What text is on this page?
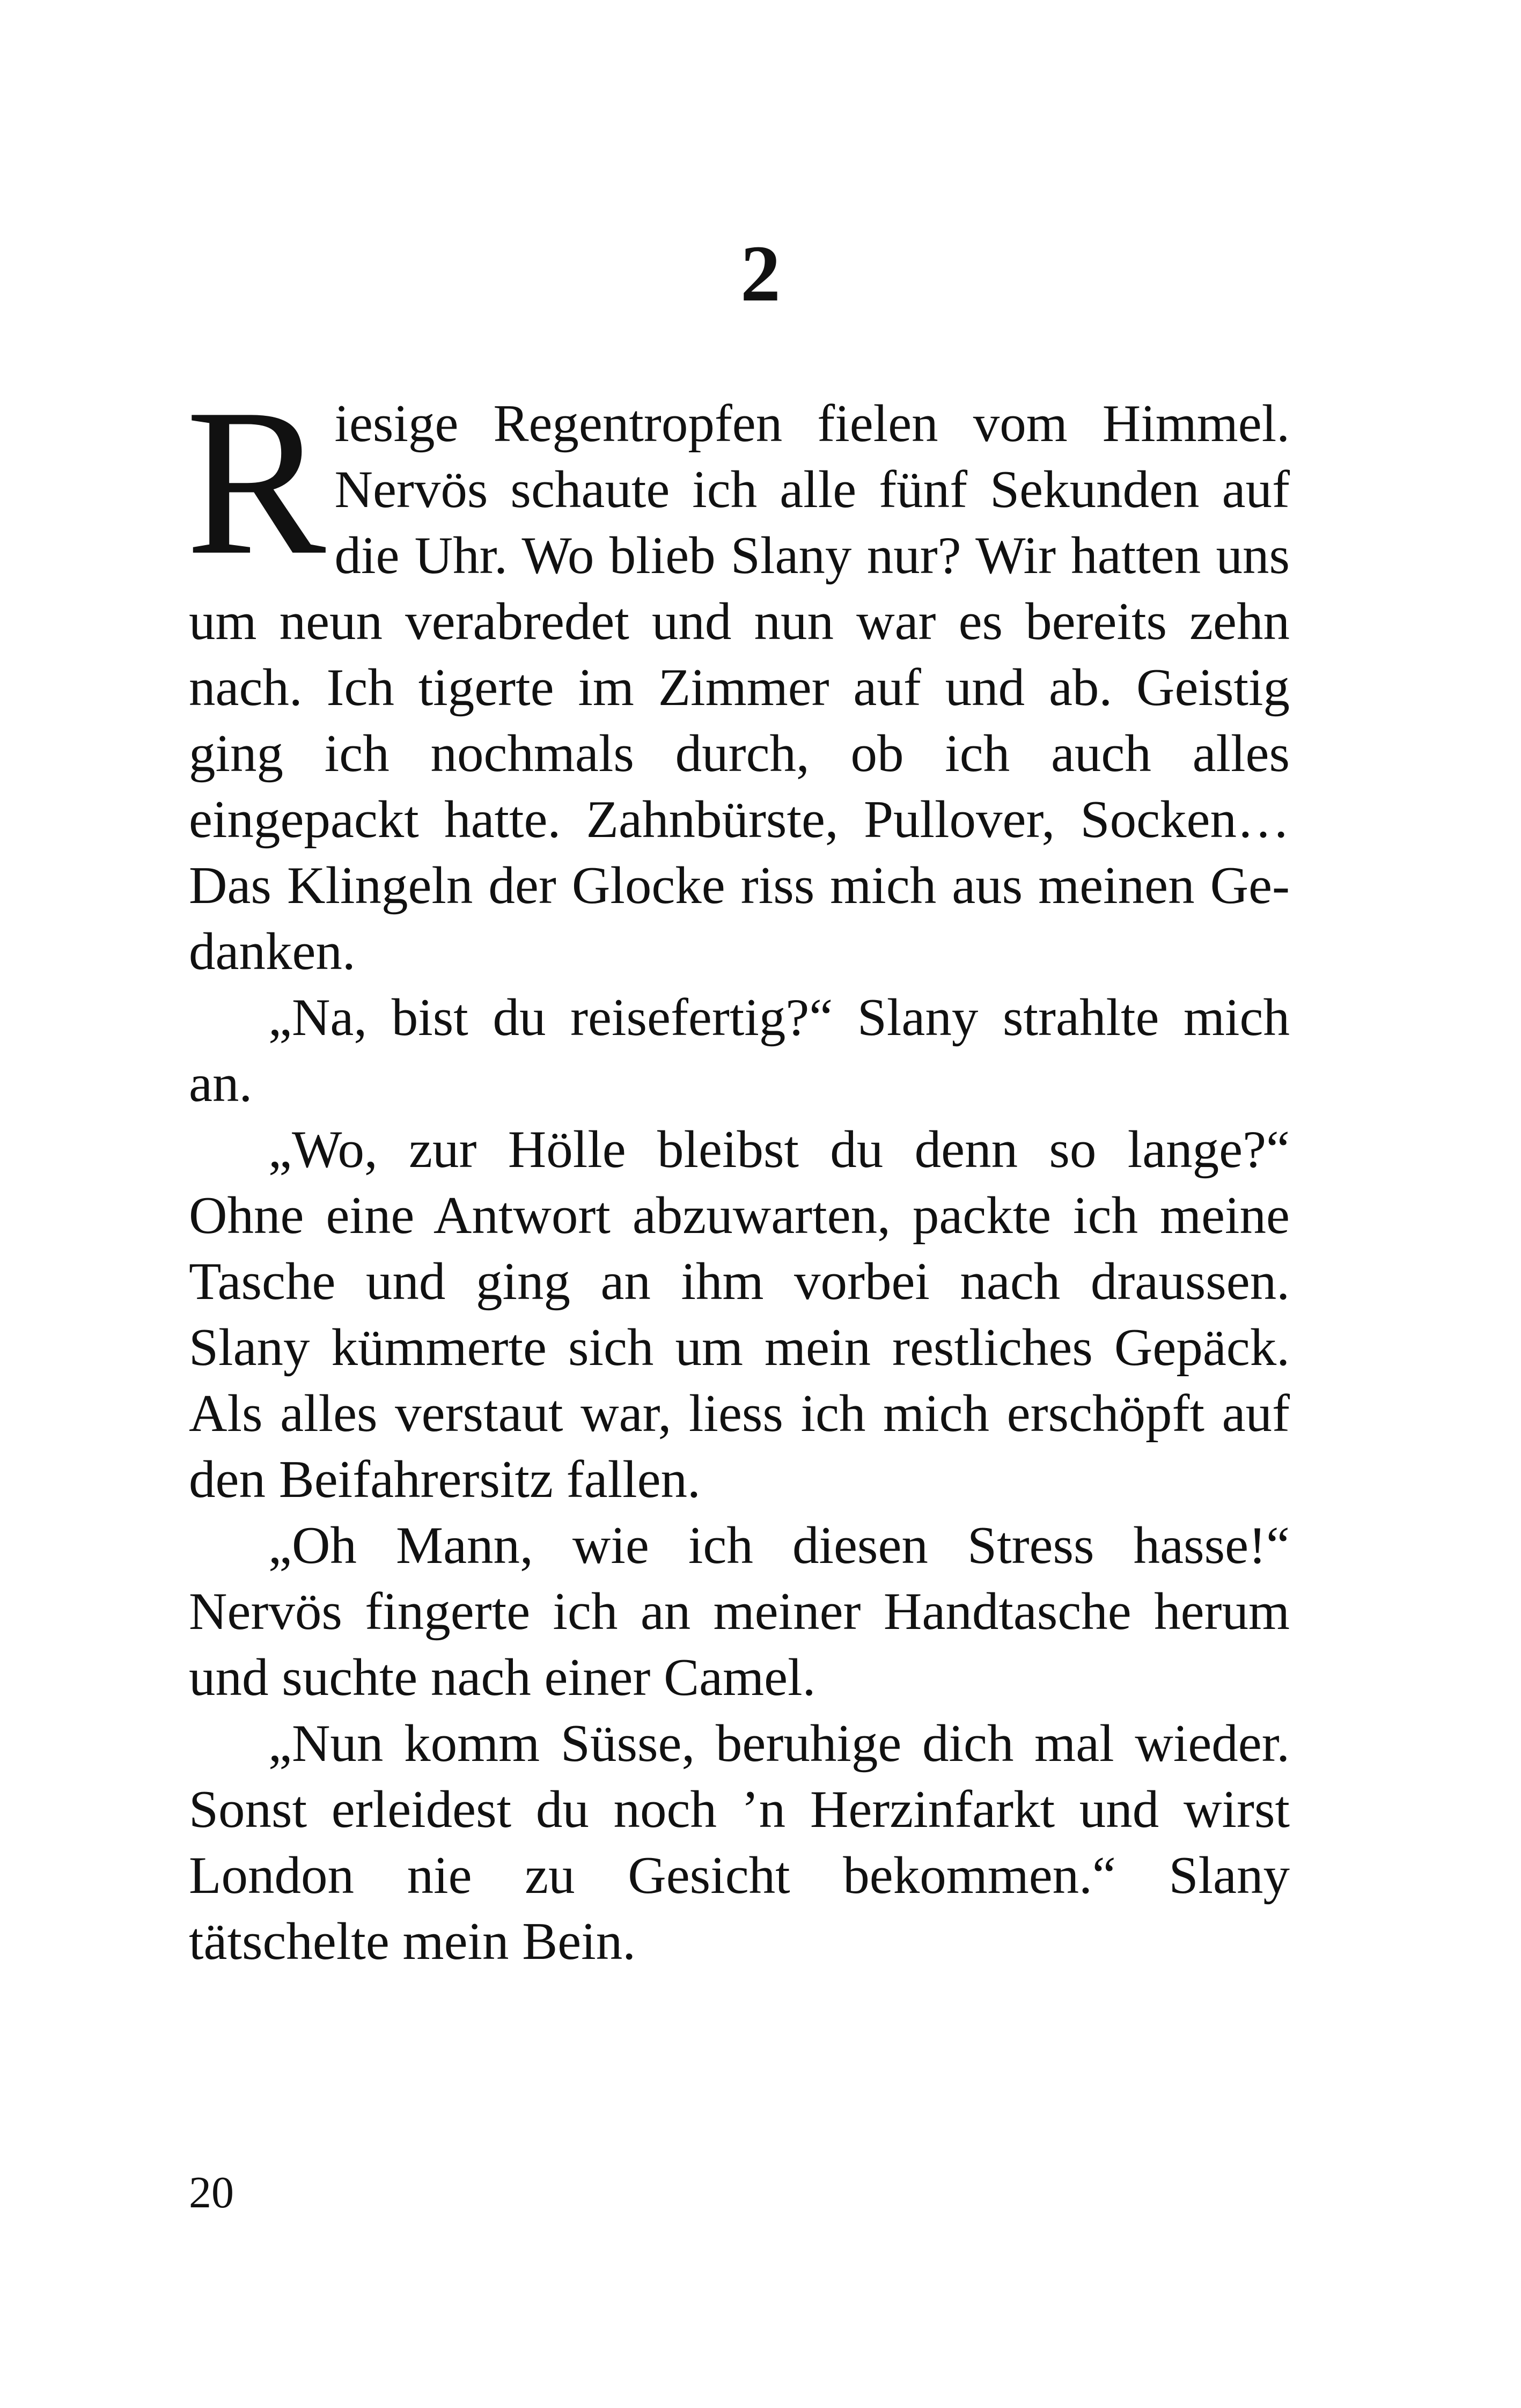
2

Riesige Regentropfen fielen vom Himmel. Nervös schaute ich alle fünf Sekunden auf die Uhr. Wo blieb Slany nur? Wir hatten uns um neun verabredet und nun war es bereits zehn nach. Ich tigerte im Zimmer auf und ab. Geistig ging ich nochmals durch, ob ich auch alles eingepackt hatte. Zahnbürste, Pullover, Socken… Das Klingeln der Glocke riss mich aus meinen Gedanken.

„Na, bist du reisefertig?“ Slany strahlte mich an.

„Wo, zur Hölle bleibst du denn so lange?“ Ohne eine Antwort abzuwarten, packte ich meine Tasche und ging an ihm vorbei nach draussen. Slany kümmerte sich um mein restliches Gepäck. Als alles verstaut war, liess ich mich erschöpft auf den Beifahrersitz fallen.

„Oh Mann, wie ich diesen Stress hasse!“ Nervös fingerte ich an meiner Handtasche herum und suchte nach einer Camel.

„Nun komm Süsse, beruhige dich mal wieder. Sonst erleidest du noch ’n Herzinfarkt und wirst London nie zu Gesicht bekommen.“ Slany tätschelte mein Bein.

20
